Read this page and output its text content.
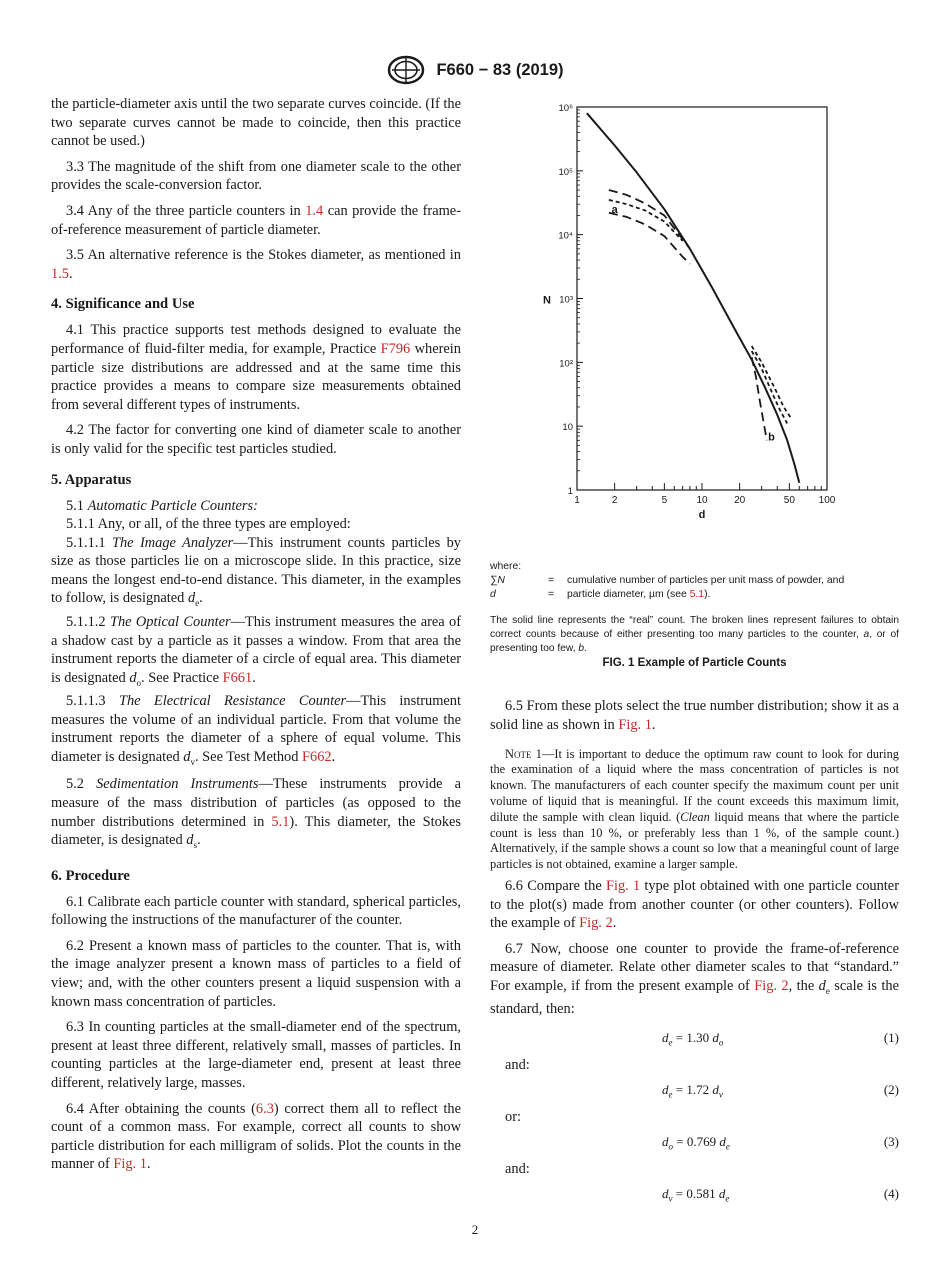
F660 − 83 (2019)

the particle-diameter axis until the two separate curves coincide. (If the two separate curves cannot be made to coincide, then this practice cannot be used.)

3.3 The magnitude of the shift from one diameter scale to the other provides the scale-conversion factor.

3.4 Any of the three particle counters in 1.4 can provide the frame-of-reference measurement of particle diameter.

3.5 An alternative reference is the Stokes diameter, as mentioned in 1.5.

4. Significance and Use

4.1 This practice supports test methods designed to evaluate the performance of fluid-filter media, for example, Practice F796 wherein particle size distributions are addressed and at the same time this practice provides a means to compare size measurements obtained from several different types of instruments.

4.2 The factor for converting one kind of diameter scale to another is only valid for the specific test particles studied.

5. Apparatus

5.1 Automatic Particle Counters:

5.1.1 Any, or all, of the three types are employed:

5.1.1.1 The Image Analyzer—This instrument counts particles by size as those particles lie on a microscope slide. In this practice, size means the longest end-to-end distance. This diameter, in the examples to follow, is designated $d_e$.

5.1.1.2 The Optical Counter—This instrument measures the area of a shadow cast by a particle as it passes a window. From that area the instrument reports the diameter of a circle of equal area. This diameter is designated $d_o$. See Practice F661.

5.1.1.3 The Electrical Resistance Counter—This instrument measures the volume of an individual particle. From that volume the instrument reports the diameter of a sphere of equal volume. This diameter is designated $d_v$. See Test Method F662.

5.2 Sedimentation Instruments—These instruments provide a measure of the mass distribution of particles (as opposed to the number distributions determined in 5.1). This diameter, the Stokes diameter, is designated $d_s$.

6. Procedure

6.1 Calibrate each particle counter with standard, spherical particles, following the instructions of the manufacturer of the counter.

6.2 Present a known mass of particles to the counter. That is, with the image analyzer present a known mass of particles to a field of view; and, with the other counters present a liquid suspension with a known mass concentration of particles.

6.3 In counting particles at the small-diameter end of the spectrum, present at least three different, relatively small, masses of particles. In counting particles at the large-diameter end, present at least three different, relatively large, masses.

6.4 After obtaining the counts (6.3) correct them all to reflect the count of a common mass. For example, correct all counts to show particle distribution for each milligram of solids. Plot the counts in the manner of Fig. 1.

1	2	5	10	20	50 100
1
10
10²
10³
10⁴
10⁵
10⁶
d
N
a
b
where:
∑N	=	cumulative number of particles per unit mass of powder, and
d	=	particle diameter, µm (see 5.1).
The solid line represents the “real” count. The broken lines represent failures to obtain correct counts because of either presenting too many particles to the counter, a, or of presenting too few, b.
FIG. 1 Example of Particle Counts

6.5 From these plots select the true number distribution; show it as a solid line as shown in Fig. 1.

Note 1—It is important to deduce the optimum raw count to look for during the examination of a liquid where the mass concentration of particles is not known. The manufacturers of each counter specify the maximum count per unit volume of liquid that is meaningful. If the count exceeds this maximum limit, dilute the sample with clean liquid. (Clean liquid means that where the particle count is less than 10 %, or preferably less than 1 %, of the sample count.) Alternatively, if the sample shows a count so low that a meaningful count of large particles is not obtained, examine a larger sample.

6.6 Compare the Fig. 1 type plot obtained with one particle counter to the plot(s) made from another counter (or other counters). Follow the example of Fig. 2.

6.7 Now, choose one counter to provide the frame-of-reference measure of diameter. Relate other diameter scales to that “standard.” For example, if from the present example of Fig. 2, the $d_e$ scale is the standard, then:

$d_e = 1.30$ $d_o$	(1)
and:
$d_e = 1.72$ $d_v$	(2)
or:
$d_o = 0.769$ $d_e$	(3)
and:
$d_v = 0.581$ $d_e$	(4)
2
